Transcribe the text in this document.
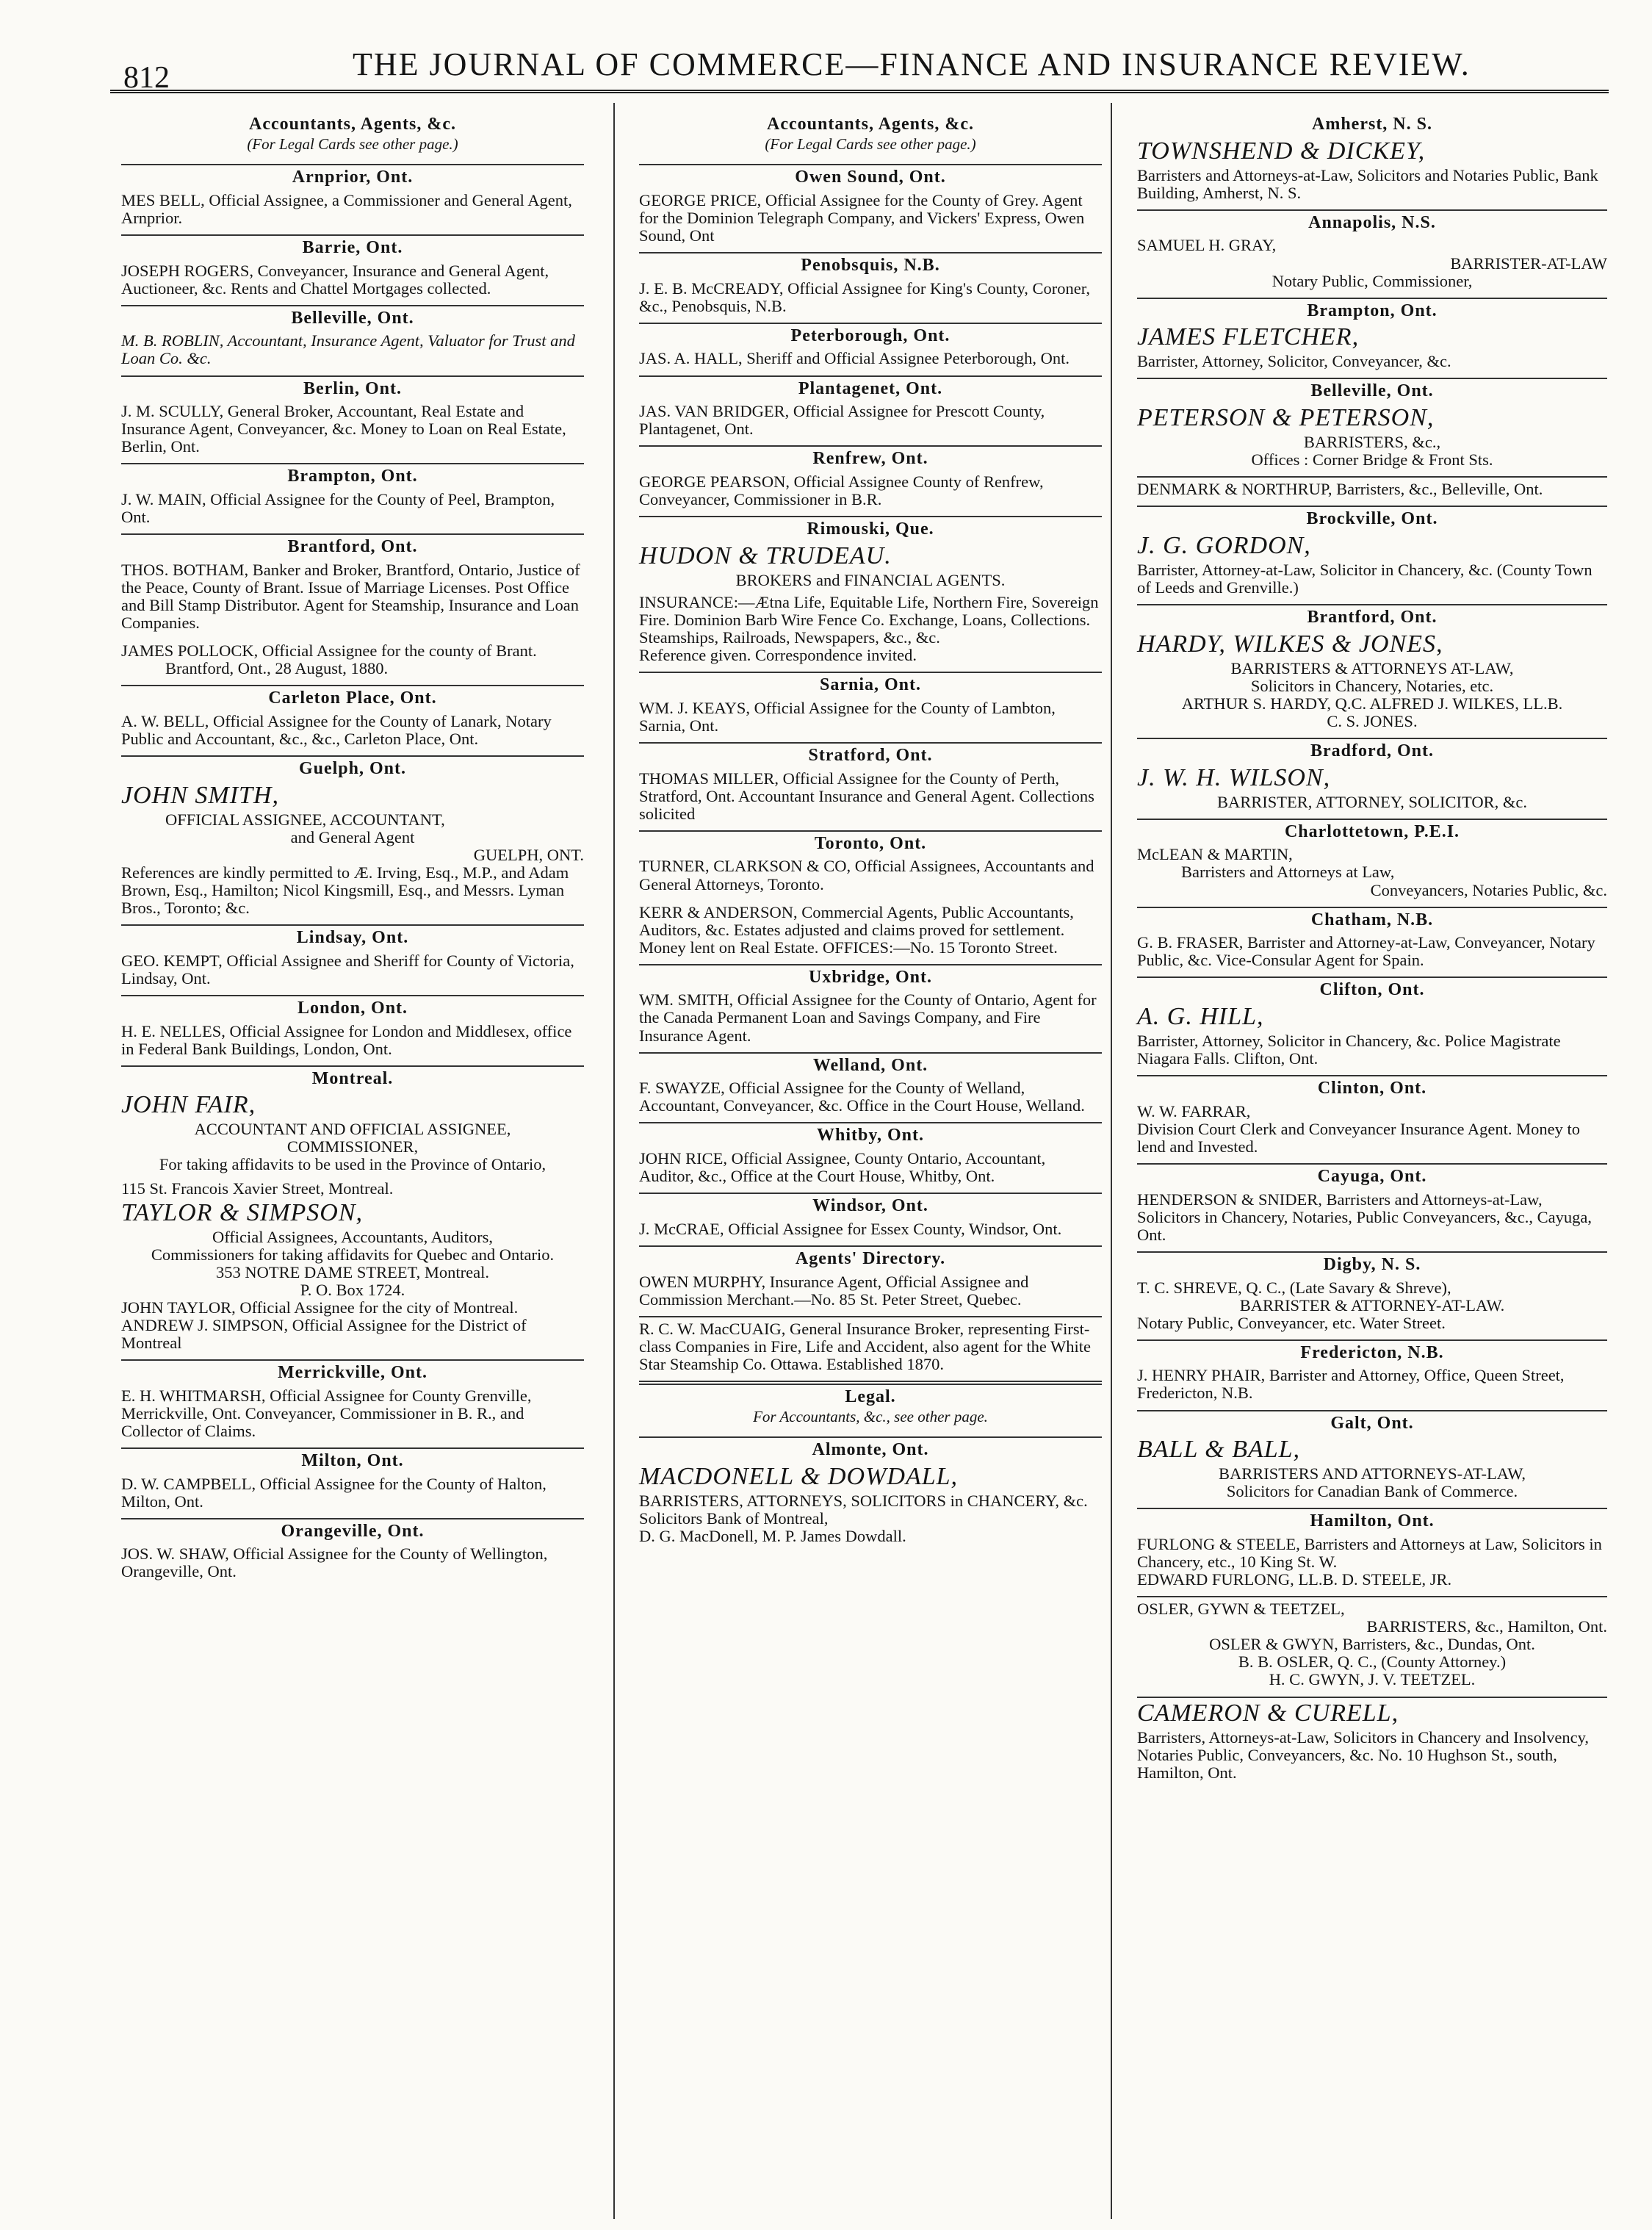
812	THE JOURNAL OF COMMERCE—FINANCE AND INSURANCE REVIEW.
Accountants, Agents, &c.
(For Legal Cards see other page.)
Arnprior, Ont.

MES BELL, Official Assignee, a Commissioner and General Agent, Arnprior.

Barrie, Ont.

JOSEPH ROGERS, Conveyancer, Insurance and General Agent, Auctioneer, &c. Rents and Chattel Mortgages collected.

Belleville, Ont.

M. B. ROBLIN, Accountant, Insurance Agent, Valuator for Trust and Loan Co. &c.

Berlin, Ont.

J. M. SCULLY, General Broker, Accountant, Real Estate and Insurance Agent, Conveyancer, &c. Money to Loan on Real Estate, Berlin, Ont.

Brampton, Ont.

J. W. MAIN, Official Assignee for the County of Peel, Brampton, Ont.

Brantford, Ont.

THOS. BOTHAM, Banker and Broker, Brantford, Ontario, Justice of the Peace, County of Brant. Issue of Marriage Licenses. Post Office and Bill Stamp Distributor. Agent for Steamship, Insurance and Loan Companies.

JAMES POLLOCK, Official Assignee for the county of Brant.

Brantford, Ont., 28 August, 1880.

Carleton Place, Ont.

A. W. BELL, Official Assignee for the County of Lanark, Notary Public and Accountant, &c., &c., Carleton Place, Ont.

Guelph, Ont.
JOHN SMITH,

OFFICIAL ASSIGNEE, ACCOUNTANT,

and General Agent

GUELPH, ONT.

References are kindly permitted to Æ. Irving, Esq., M.P., and Adam Brown, Esq., Hamilton; Nicol Kingsmill, Esq., and Messrs. Lyman Bros., Toronto; &c.

Lindsay, Ont.

GEO. KEMPT, Official Assignee and Sheriff for County of Victoria, Lindsay, Ont.

London, Ont.

H. E. NELLES, Official Assignee for London and Middlesex, office in Federal Bank Buildings, London, Ont.

Montreal.
JOHN FAIR,

ACCOUNTANT AND OFFICIAL ASSIGNEE,

COMMISSIONER,

For taking affidavits to be used in the Province of Ontario,

115 St. Francois Xavier Street, Montreal.

TAYLOR & SIMPSON,

Official Assignees, Accountants, Auditors,

Commissioners for taking affidavits for Quebec and Ontario.

353 NOTRE DAME STREET, Montreal.

P. O. Box 1724.

JOHN TAYLOR, Official Assignee for the city of Montreal. ANDREW J. SIMPSON, Official Assignee for the District of Montreal

Merrickville, Ont.

E. H. WHITMARSH, Official Assignee for County Grenville, Merrickville, Ont. Conveyancer, Commissioner in B. R., and Collector of Claims.

Milton, Ont.

D. W. CAMPBELL, Official Assignee for the County of Halton, Milton, Ont.

Orangeville, Ont.

JOS. W. SHAW, Official Assignee for the County of Wellington, Orangeville, Ont.

Accountants, Agents, &c.
(For Legal Cards see other page.)
Owen Sound, Ont.

GEORGE PRICE, Official Assignee for the County of Grey. Agent for the Dominion Telegraph Company, and Vickers' Express, Owen Sound, Ont

Penobsquis, N.B.

J. E. B. McCREADY, Official Assignee for King's County, Coroner, &c., Penobsquis, N.B.

Peterborough, Ont.

JAS. A. HALL, Sheriff and Official Assignee Peterborough, Ont.

Plantagenet, Ont.

JAS. VAN BRIDGER, Official Assignee for Prescott County, Plantagenet, Ont.

Renfrew, Ont.

GEORGE PEARSON, Official Assignee County of Renfrew, Conveyancer, Commissioner in B.R.

Rimouski, Que.
HUDON & TRUDEAU.

BROKERS and FINANCIAL AGENTS.

INSURANCE:—Ætna Life, Equitable Life, Northern Fire, Sovereign Fire. Dominion Barb Wire Fence Co. Exchange, Loans, Collections. Steamships, Railroads, Newspapers, &c., &c.

Reference given. Correspondence invited.

Sarnia, Ont.

WM. J. KEAYS, Official Assignee for the County of Lambton, Sarnia, Ont.

Stratford, Ont.

THOMAS MILLER, Official Assignee for the County of Perth, Stratford, Ont. Accountant Insurance and General Agent. Collections solicited

Toronto, Ont.

TURNER, CLARKSON & CO, Official Assignees, Accountants and General Attorneys, Toronto.

KERR & ANDERSON, Commercial Agents, Public Accountants, Auditors, &c. Estates adjusted and claims proved for settlement. Money lent on Real Estate. OFFICES:—No. 15 Toronto Street.

Uxbridge, Ont.

WM. SMITH, Official Assignee for the County of Ontario, Agent for the Canada Permanent Loan and Savings Company, and Fire Insurance Agent.

Welland, Ont.

F. SWAYZE, Official Assignee for the County of Welland, Accountant, Conveyancer, &c. Office in the Court House, Welland.

Whitby, Ont.

JOHN RICE, Official Assignee, County Ontario, Accountant, Auditor, &c., Office at the Court House, Whitby, Ont.

Windsor, Ont.

J. McCRAE, Official Assignee for Essex County, Windsor, Ont.

Agents' Directory.

OWEN MURPHY, Insurance Agent, Official Assignee and Commission Merchant.—No. 85 St. Peter Street, Quebec.

R. C. W. MacCUAIG, General Insurance Broker, representing First-class Companies in Fire, Life and Accident, also agent for the White Star Steamship Co. Ottawa. Established 1870.

Legal.
For Accountants, &c., see other page.
Almonte, Ont.
MACDONELL & DOWDALL,

BARRISTERS, ATTORNEYS, SOLICITORS in CHANCERY, &c. Solicitors Bank of Montreal,

D. G. MacDonell, M. P. James Dowdall.

Amherst, N. S.
TOWNSHEND & DICKEY,

Barristers and Attorneys-at-Law, Solicitors and Notaries Public, Bank Building, Amherst, N. S.

Annapolis, N.S.

SAMUEL H. GRAY,

BARRISTER-AT-LAW

Notary Public, Commissioner,

Brampton, Ont.
JAMES FLETCHER,

Barrister, Attorney, Solicitor, Conveyancer, &c.

Belleville, Ont.
PETERSON & PETERSON,

BARRISTERS, &c.,

Offices : Corner Bridge & Front Sts.

DENMARK & NORTHRUP, Barristers, &c., Belleville, Ont.

Brockville, Ont.
J. G. GORDON,

Barrister, Attorney-at-Law, Solicitor in Chancery, &c. (County Town of Leeds and Grenville.)

Brantford, Ont.
HARDY, WILKES & JONES,

BARRISTERS & ATTORNEYS AT-LAW,

Solicitors in Chancery, Notaries, etc.

ARTHUR S. HARDY, Q.C. ALFRED J. WILKES, LL.B.

C. S. JONES.

Bradford, Ont.
J. W. H. WILSON,

BARRISTER, ATTORNEY, SOLICITOR, &c.

Charlottetown, P.E.I.

McLEAN & MARTIN,

Barristers and Attorneys at Law,

Conveyancers, Notaries Public, &c.

Chatham, N.B.

G. B. FRASER, Barrister and Attorney-at-Law, Conveyancer, Notary Public, &c. Vice-Consular Agent for Spain.

Clifton, Ont.
A. G. HILL,

Barrister, Attorney, Solicitor in Chancery, &c. Police Magistrate Niagara Falls. Clifton, Ont.

Clinton, Ont.

W. W. FARRAR,

Division Court Clerk and Conveyancer Insurance Agent. Money to lend and Invested.

Cayuga, Ont.

HENDERSON & SNIDER, Barristers and Attorneys-at-Law, Solicitors in Chancery, Notaries, Public Conveyancers, &c., Cayuga, Ont.

Digby, N. S.

T. C. SHREVE, Q. C., (Late Savary & Shreve),

BARRISTER & ATTORNEY-AT-LAW.

Notary Public, Conveyancer, etc. Water Street.

Fredericton, N.B.

J. HENRY PHAIR, Barrister and Attorney, Office, Queen Street, Fredericton, N.B.

Galt, Ont.
BALL & BALL,

BARRISTERS AND ATTORNEYS-AT-LAW,

Solicitors for Canadian Bank of Commerce.

Hamilton, Ont.

FURLONG & STEELE, Barristers and Attorneys at Law, Solicitors in Chancery, etc., 10 King St. W.

EDWARD FURLONG, LL.B. D. STEELE, JR.

OSLER, GYWN & TEETZEL,

BARRISTERS, &c., Hamilton, Ont.

OSLER & GWYN, Barristers, &c., Dundas, Ont.

B. B. OSLER, Q. C., (County Attorney.)

H. C. GWYN, J. V. TEETZEL.

CAMERON & CURELL,

Barristers, Attorneys-at-Law, Solicitors in Chancery and Insolvency, Notaries Public, Conveyancers, &c. No. 10 Hughson St., south, Hamilton, Ont.
